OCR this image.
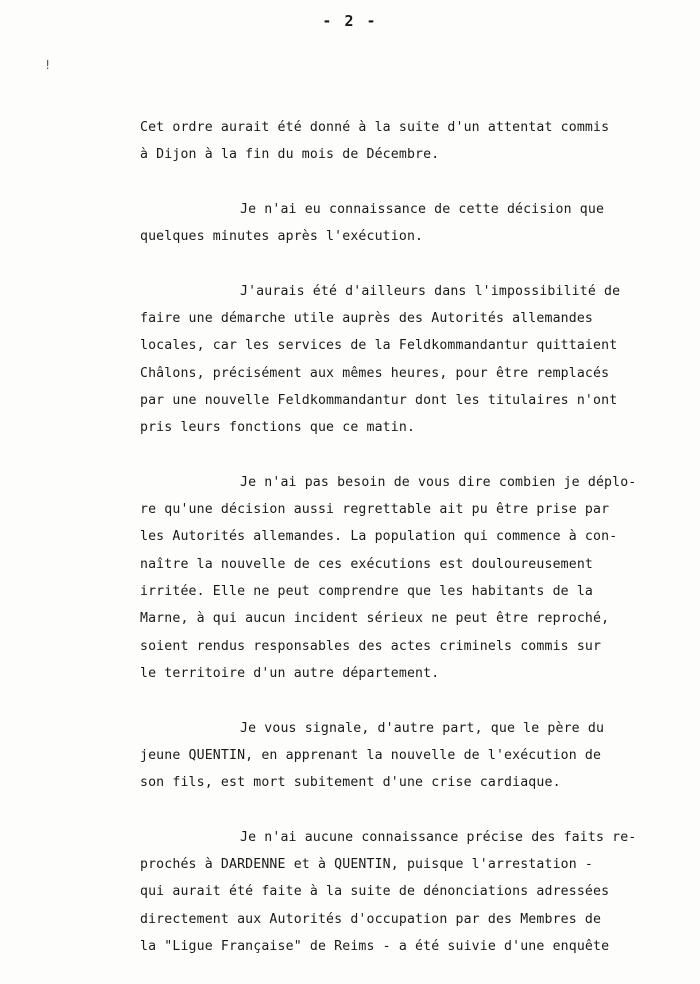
- 2 -
!
Cet ordre aurait été donné à la suite d'un attentat commis
à Dijon à la fin du mois de Décembre.
Je n'ai eu connaissance de cette décision que
quelques minutes après l'exécution.
J'aurais été d'ailleurs dans l'impossibilité de
faire une démarche utile auprès des Autorités allemandes
locales, car les services de la Feldkommandantur quittaient
Châlons, précisément aux mêmes heures, pour être remplacés
par une nouvelle Feldkommandantur dont les titulaires n'ont
pris leurs fonctions que ce matin.
Je n'ai pas besoin de vous dire combien je déplo-
re qu'une décision aussi regrettable ait pu être prise par
les Autorités allemandes. La population qui commence à con-
naître la nouvelle de ces exécutions est douloureusement
irritée. Elle ne peut comprendre que les habitants de la
Marne, à qui aucun incident sérieux ne peut être reproché,
soient rendus responsables des actes criminels commis sur
le territoire d'un autre département.
Je vous signale, d'autre part, que le père du
jeune QUENTIN, en apprenant la nouvelle de l'exécution de
son fils, est mort subitement d'une crise cardiaque.
Je n'ai aucune connaissance précise des faits re-
prochés à DARDENNE et à QUENTIN, puisque l'arrestation -
qui aurait été faite à la suite de dénonciations adressées
directement aux Autorités d'occupation par des Membres de
la "Ligue Française" de Reims - a été suivie d'une enquête
